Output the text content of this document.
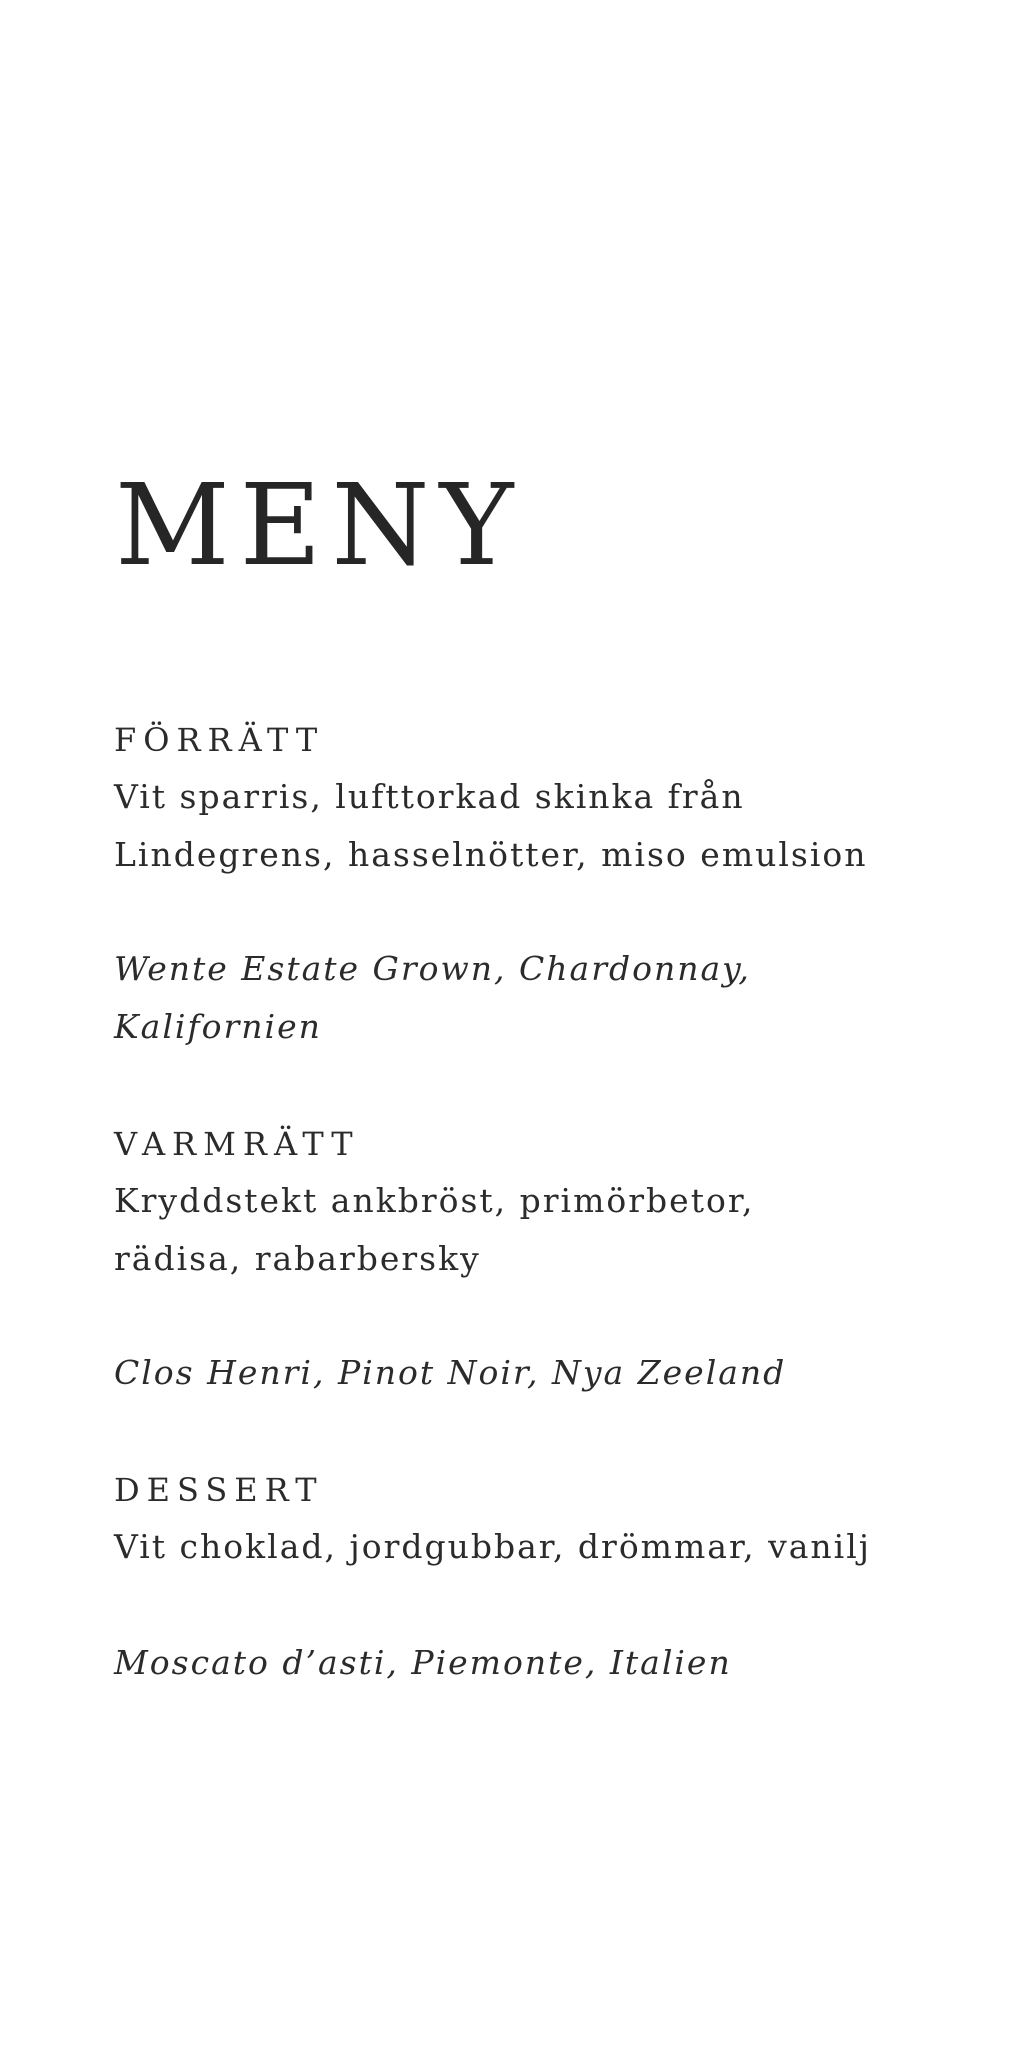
MENY

FÖRRÄTT

Vit sparris, lufttorkad skinka från

Lindegrens, hasselnötter, miso emulsion

Wente Estate Grown, Chardonnay,

Kalifornien

VARMRÄTT

Kryddstekt ankbröst, primörbetor,

rädisa, rabarbersky

Clos Henri, Pinot Noir, Nya Zeeland

DESSERT

Vit choklad, jordgubbar, drömmar, vanilj

Moscato d’asti, Piemonte, Italien
